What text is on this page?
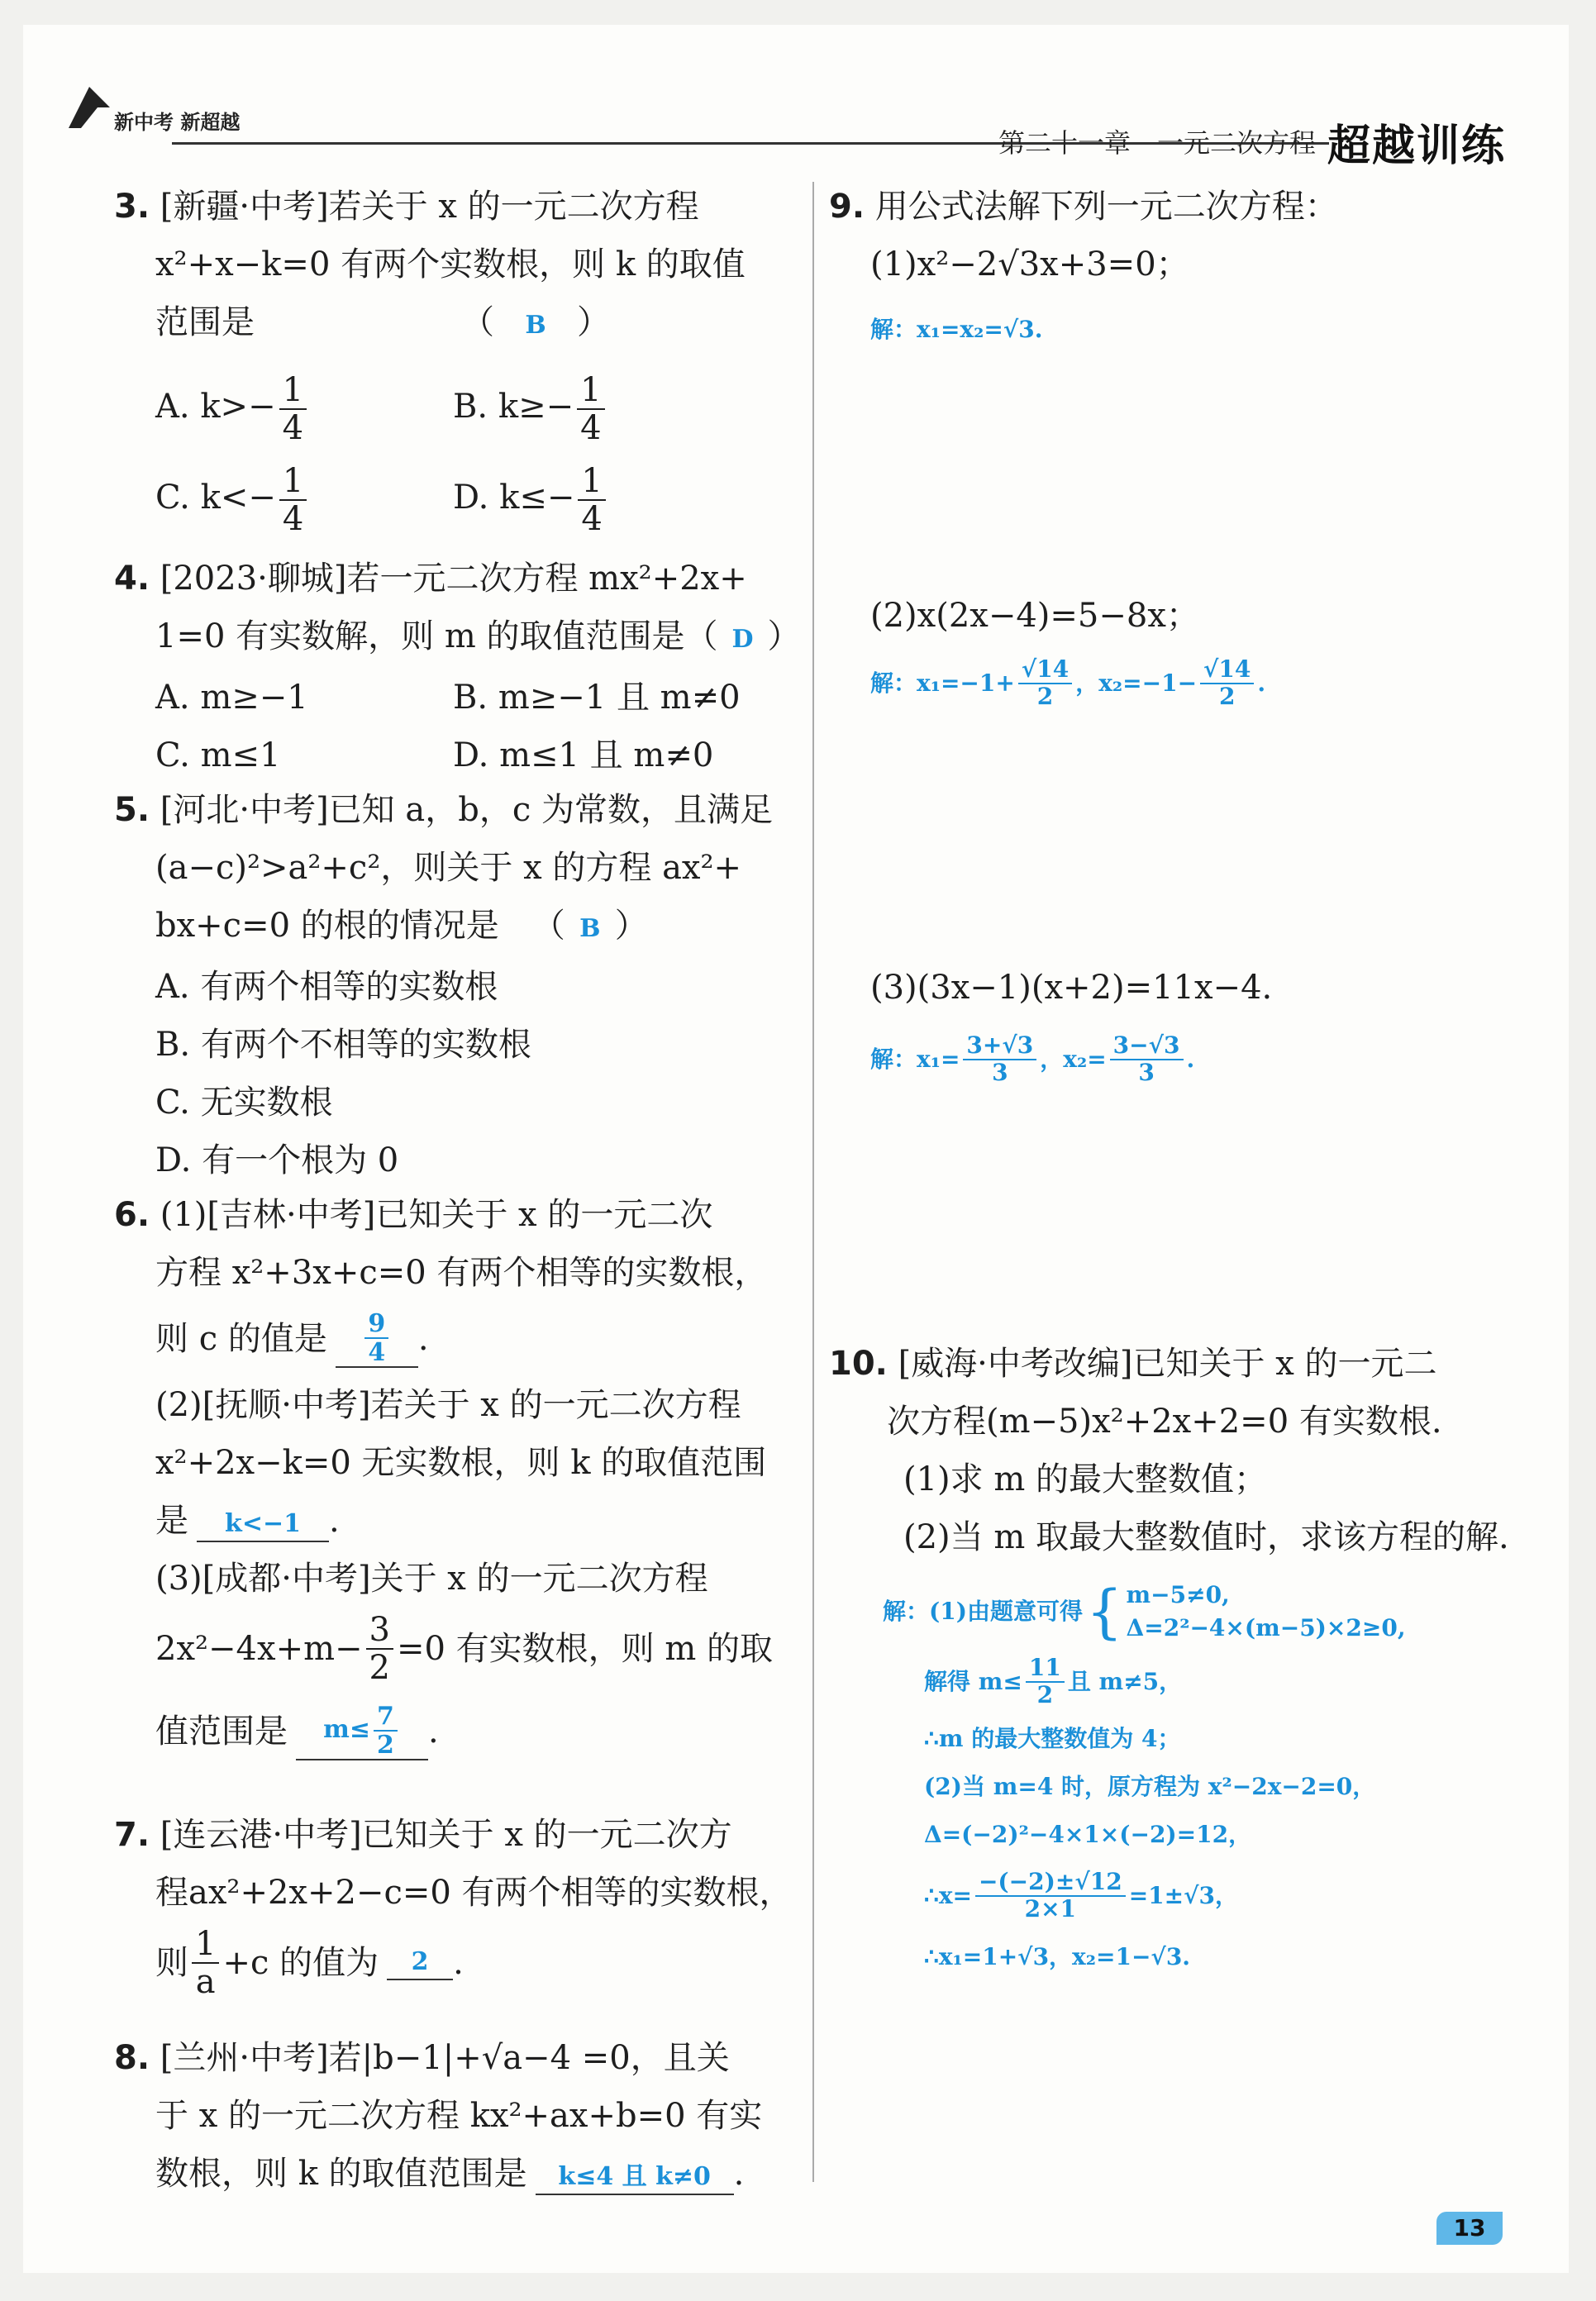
新中考 新超越
第二十一章　一元二次方程 超越训练
3. [新疆·中考]若关于 x 的一元二次方程
x²+x−k=0 有两个实数根，则 k 的取值
范围是	（ B ）
A. $k>- \frac{1}{4}$	B. $k\ge- \frac{1}{4}$
C. $k<- \frac{1}{4}$	D. $k\le- \frac{1}{4}$
4. [2023·聊城]若一元二次方程 mx²+2x+
1=0 有实数解，则 m 的取值范围是（ D ）
A. m≥−1	B. m≥−1 且 m≠0
C. m≤1	D. m≤1 且 m≠0
5. [河北·中考]已知 a，b，c 为常数，且满足
(a−c)²>a²+c²，则关于 x 的方程 ax²+
bx+c=0 的根的情况是 （ B ）
A. 有两个相等的实数根
B. 有两个不相等的实数根
C. 无实数根
D. 有一个根为 0
6. (1)[吉林·中考]已知关于 x 的一元二次
方程 x²+3x+c=0 有两个相等的实数根，
则 c 的值是 $\frac{9}{4}$ .
(2)[抚顺·中考]若关于 x 的一元二次方程
x²+2x−k=0 无实数根，则 k 的取值范围
是 k<−1 .
(3)[成都·中考]关于 x 的一元二次方程
$2x^2-4x+m- \frac{3}{2} =0$ 有实数根，则 m 的取
值范围是	$m\le \frac{7}{2}$ .
7. [连云港·中考]已知关于 x 的一元二次方
程ax²+2x+2−c=0 有两个相等的实数根，
则 $\frac{1}{a} +c$ 的值为	2 .
8. [兰州·中考]若|b−1|+√a−4 =0，且关
于 x 的一元二次方程 kx²+ax+b=0 有实
数根，则 k 的取值范围是 k≤4 且 k≠0 .
9. 用公式法解下列一元二次方程：
(1)x²−2√3x+3=0；
解：x₁=x₂=√3.
(2)x(2x−4)=5−8x；
解：$x_1=-1+ \frac{√14}{2}$ ，$x_2=-1- \frac{√14}{2}$ .
(3)(3x−1)(x+2)=11x−4.
解：$x_1= \frac{3+√3}{3}$ ，$x_2= \frac{3-√3}{3}$ .
10. [威海·中考改编]已知关于 x 的一元二
次方程(m−5)x²+2x+2=0 有实数根.
(1)求 m 的最大整数值；
(2)当 m 取最大整数值时，求该方程的解.
解：(1)由题意可得 { m−5≠0,
Δ=2²−4×(m−5)×2≥0,
解得 $m\le \frac{11}{2}$ 且 m≠5，
∴m 的最大整数值为 4；
(2)当 m=4 时，原方程为 x²−2x−2=0，
Δ=(−2)²−4×1×(−2)=12，
∴x= $\frac{-(-2)\pm√12}{2\times 1} =1\pm√3$，
∴x₁=1+√3，x₂=1−√3.
13
